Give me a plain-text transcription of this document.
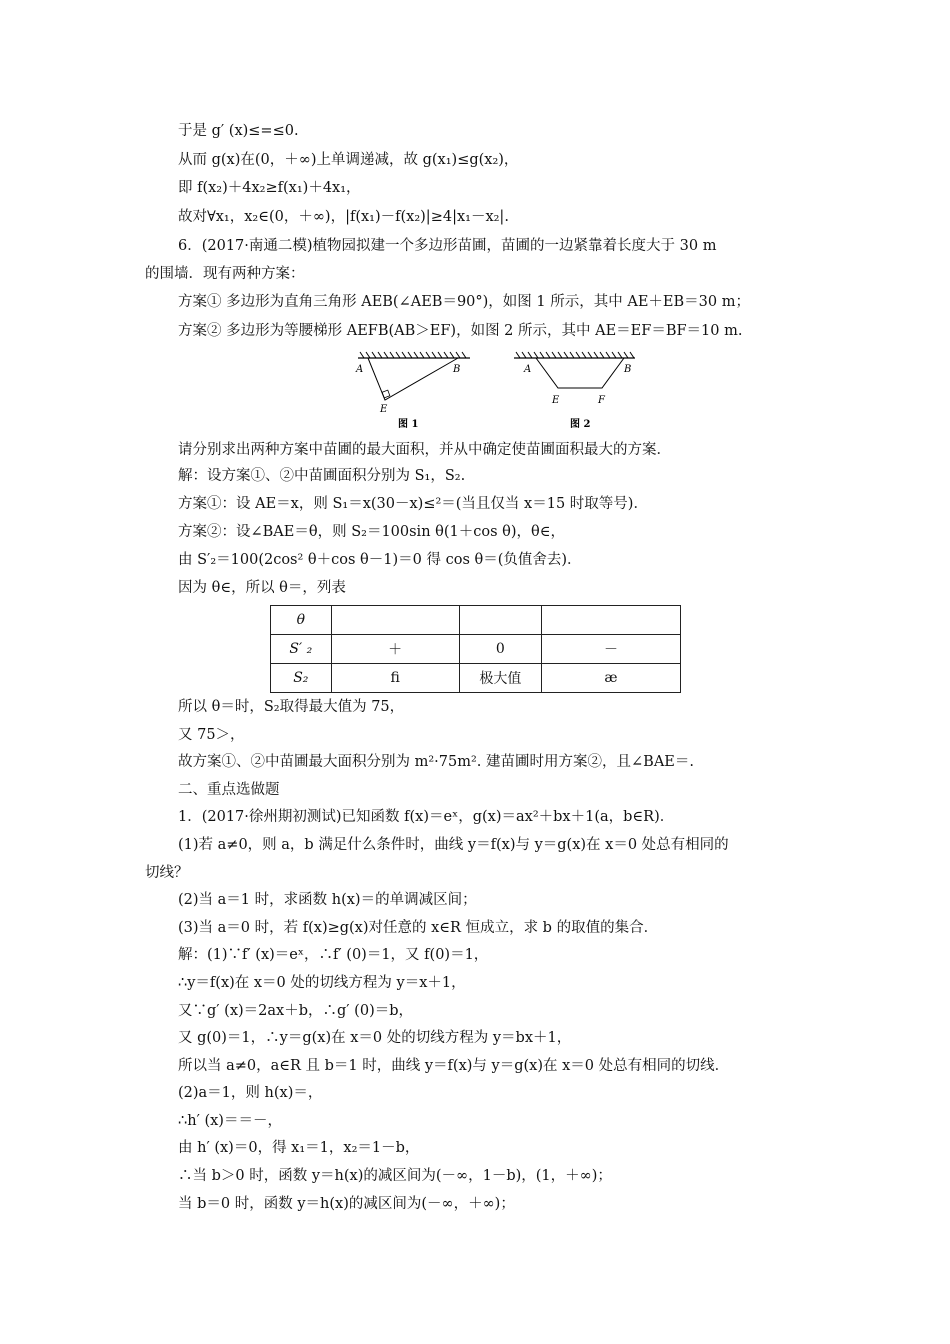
于是 g′ (x)≤=≤0.
从而 g(x)在(0，＋∞)上单调递减，故 g(x₁)≤g(x₂)，
即 f(x₂)＋4x₂≥f(x₁)＋4x₁，
故对∀x₁，x₂∈(0，＋∞)，|f(x₁)－f(x₂)|≥4|x₁－x₂|.
6．(2017·南通二模)植物园拟建一个多边形苗圃，苗圃的一边紧靠着长度大于 30 m
的围墙．现有两种方案：
方案① 多边形为直角三角形 AEB(∠AEB＝90°)，如图 1 所示，其中 AE＋EB＝30 m；
方案② 多边形为等腰梯形 AEFB(AB＞EF)，如图 2 所示，其中 AE＝EF＝BF＝10 m.
A	B
E
图 1
A	B
E	F
图 2
请分别求出两种方案中苗圃的最大面积，并从中确定使苗圃面积最大的方案．
解：设方案①、②中苗圃面积分别为 S₁，S₂.
方案①：设 AE＝x，则 S₁＝x(30－x)≤²＝(当且仅当 x＝15 时取等号)．
方案②：设∠BAE＝θ，则 S₂＝100sin θ(1＋cos θ)，θ∈，
由 S′₂＝100(2cos² θ＋cos θ－1)＝0 得 cos θ＝(负值舍去)．
因为 θ∈，所以 θ＝，列表
θ			
S′ ₂	＋	0	－
S₂	ﬁ	极大值	æ
所以 θ＝时，S₂取得最大值为 75，
又 75＞，
故方案①、②中苗圃最大面积分别为 m²·75m². 建苗圃时用方案②，且∠BAE＝.
二、重点选做题
1．(2017·徐州期初测试)已知函数 f(x)＝eˣ，g(x)＝ax²＋bx＋1(a，b∈R)．
(1)若 a≠0，则 a，b 满足什么条件时，曲线 y＝f(x)与 y＝g(x)在 x＝0 处总有相同的
切线？
(2)当 a＝1 时，求函数 h(x)＝的单调减区间；
(3)当 a＝0 时，若 f(x)≥g(x)对任意的 x∈R 恒成立，求 b 的取值的集合．
解：(1)∵f′ (x)＝eˣ，∴f′ (0)＝1，又 f(0)＝1，
∴y＝f(x)在 x＝0 处的切线方程为 y＝x＋1，
又∵g′ (x)＝2ax＋b，∴g′ (0)＝b，
又 g(0)＝1，∴y＝g(x)在 x＝0 处的切线方程为 y＝bx＋1，
所以当 a≠0，a∈R 且 b＝1 时，曲线 y＝f(x)与 y＝g(x)在 x＝0 处总有相同的切线．
(2)a＝1，则 h(x)＝，
∴h′ (x)＝＝－，
由 h′ (x)＝0，得 x₁＝1，x₂＝1－b，
∴当 b＞0 时，函数 y＝h(x)的减区间为(－∞，1－b)，(1，＋∞)；
当 b＝0 时，函数 y＝h(x)的减区间为(－∞，＋∞)；
